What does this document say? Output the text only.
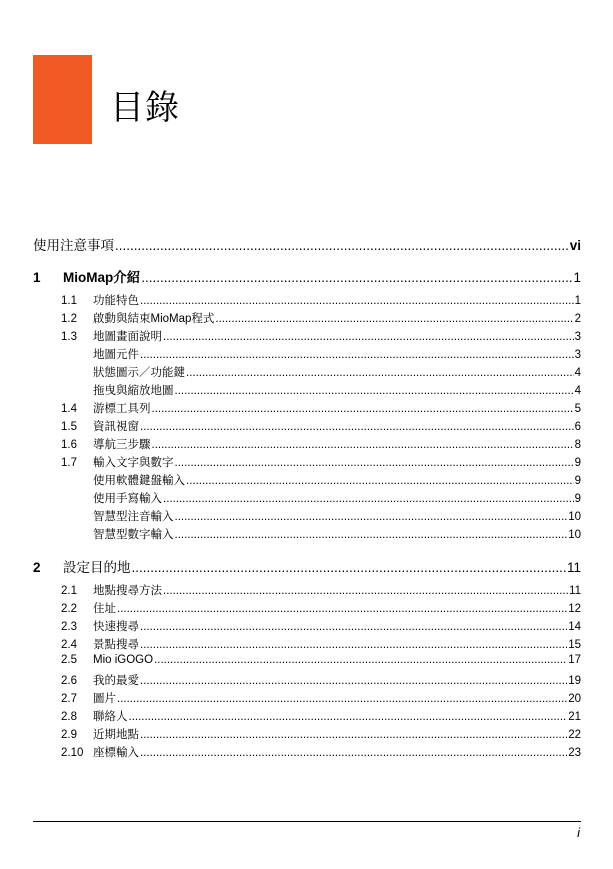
目錄
使用注意事項 .....	vi
1	MioMap介紹 .....	1
1.1	功能特色 .....	1
1.2	啟動與結束MioMap程式 .....	2
1.3	地圖畫面說明 .....	3
地圖元件 .....	3
狀態圖示／功能鍵 .....	4
拖曳與縮放地圖 .....	4
1.4	游標工具列 .....	5
1.5	資訊視窗 .....	6
1.6	導航三步驟 .....	8
1.7	輸入文字與數字 .....	9
使用軟體鍵盤輸入 .....	9
使用手寫輸入 .....	9
智慧型注音輸入 .....	10
智慧型數字輸入 .....	10
2	設定目的地 .....	11
2.1	地點搜尋方法 .....	11
2.2	住址 .....	12
2.3	快速搜尋 .....	14
2.4	景點搜尋 .....	15
2.5	Mio iGOGO .....	17
2.6	我的最愛 .....	19
2.7	圖片 .....	20
2.8	聯絡人 .....	21
2.9	近期地點 .....	22
2.10 座標輸入 .....	23
i
